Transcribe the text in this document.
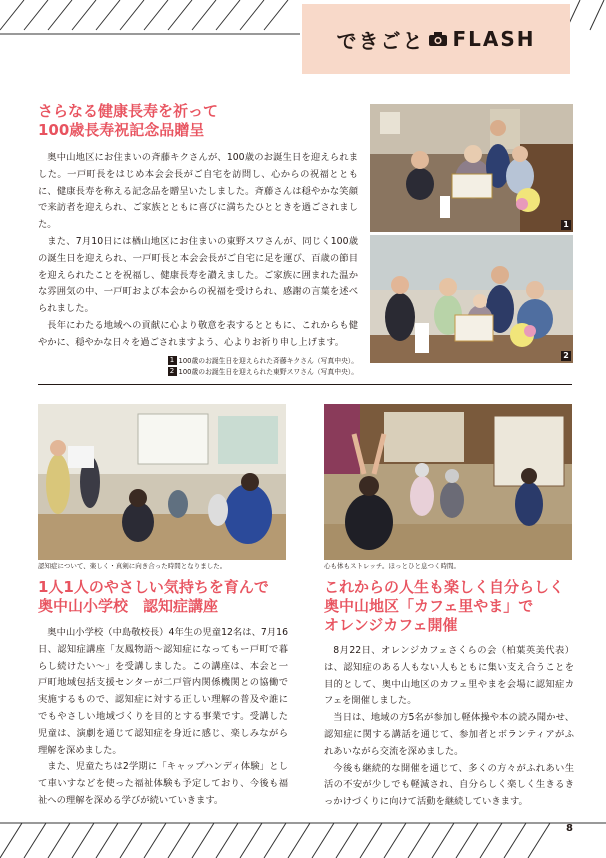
できごと FLASH

さらなる健康長寿を祈って

100歳長寿祝記念品贈呈

奥中山地区にお住まいの斉藤キクさんが、100歳のお誕生日を迎えられました。一戸町長をはじめ本会会長がご自宅を訪問し、心からの祝福とともに、健康長寿を称える記念品を贈呈いたしました。斉藤さんは穏やかな笑顔で来訪者を迎えられ、ご家族とともに喜びに満ちたひとときを過ごされました。

また、7月10日には楢山地区にお住まいの東野スワさんが、同じく100歳の誕生日を迎えられ、一戸町長と本会会長がご自宅に足を運び、百歳の節目を迎えられたことを祝福し、健康長寿を讃えました。ご家族に囲まれた温かな雰囲気の中、一戸町および本会からの祝福を受けられ、感謝の言葉を述べられました。

長年にわたる地域への貢献に心より敬意を表するとともに、これからも健やかに、穏やかな日々を過ごされますよう、心よりお祈り申し上げます。

1 100歳のお誕生日を迎えられた斉藤キクさん（写真中央）。
2 100歳のお誕生日を迎えられた東野スワさん（写真中央）。
1
2

認知症について、楽しく・真剣に向き合った時間となりました。

1人1人のやさしい気持ちを育んで

奥中山小学校　認知症講座

奥中山小学校（中島敬校長）4年生の児童12名は、7月16日、認知症講座「友鳳物語～認知症になってもー戸町で暮らし続けたい～」を受講しました。この講座は、本会と一戸町地域包括支援センターが二戸管内関係機関との協働で実施するもので、認知症に対する正しい理解の普及や誰にでもやさしい地域づくりを目的とする事業です。受講した児童は、演劇を通じて認知症を身近に感じ、楽しみながら理解を深めました。

また、児童たちは2学期に「キャップハンディ体験」として車いすなどを使った福祉体験も予定しており、今後も福祉への理解を深める学びが続いていきます。

心も体もストレッチ。ほっとひと息つく時間。

これからの人生も楽しく自分らしく

奥中山地区「カフェ里やま」で

オレンジカフェ開催

8月22日、オレンジカフェさくらの会（柏葉英美代表）は、認知症のある人もない人もともに集い支え合うことを目的として、奥中山地区のカフェ里やまを会場に認知症カフェを開催しました。

当日は、地域の方5名が参加し軽体操や本の読み聞かせ、認知症に関する講話を通じて、参加者とボランティアがふれあいながら交流を深めました。

今後も継続的な開催を通じて、多くの方々がふれあい生活の不安が少しでも軽減され、自分らしく楽しく生きるきっかけづくりに向けて活動を継続していきます。

8
